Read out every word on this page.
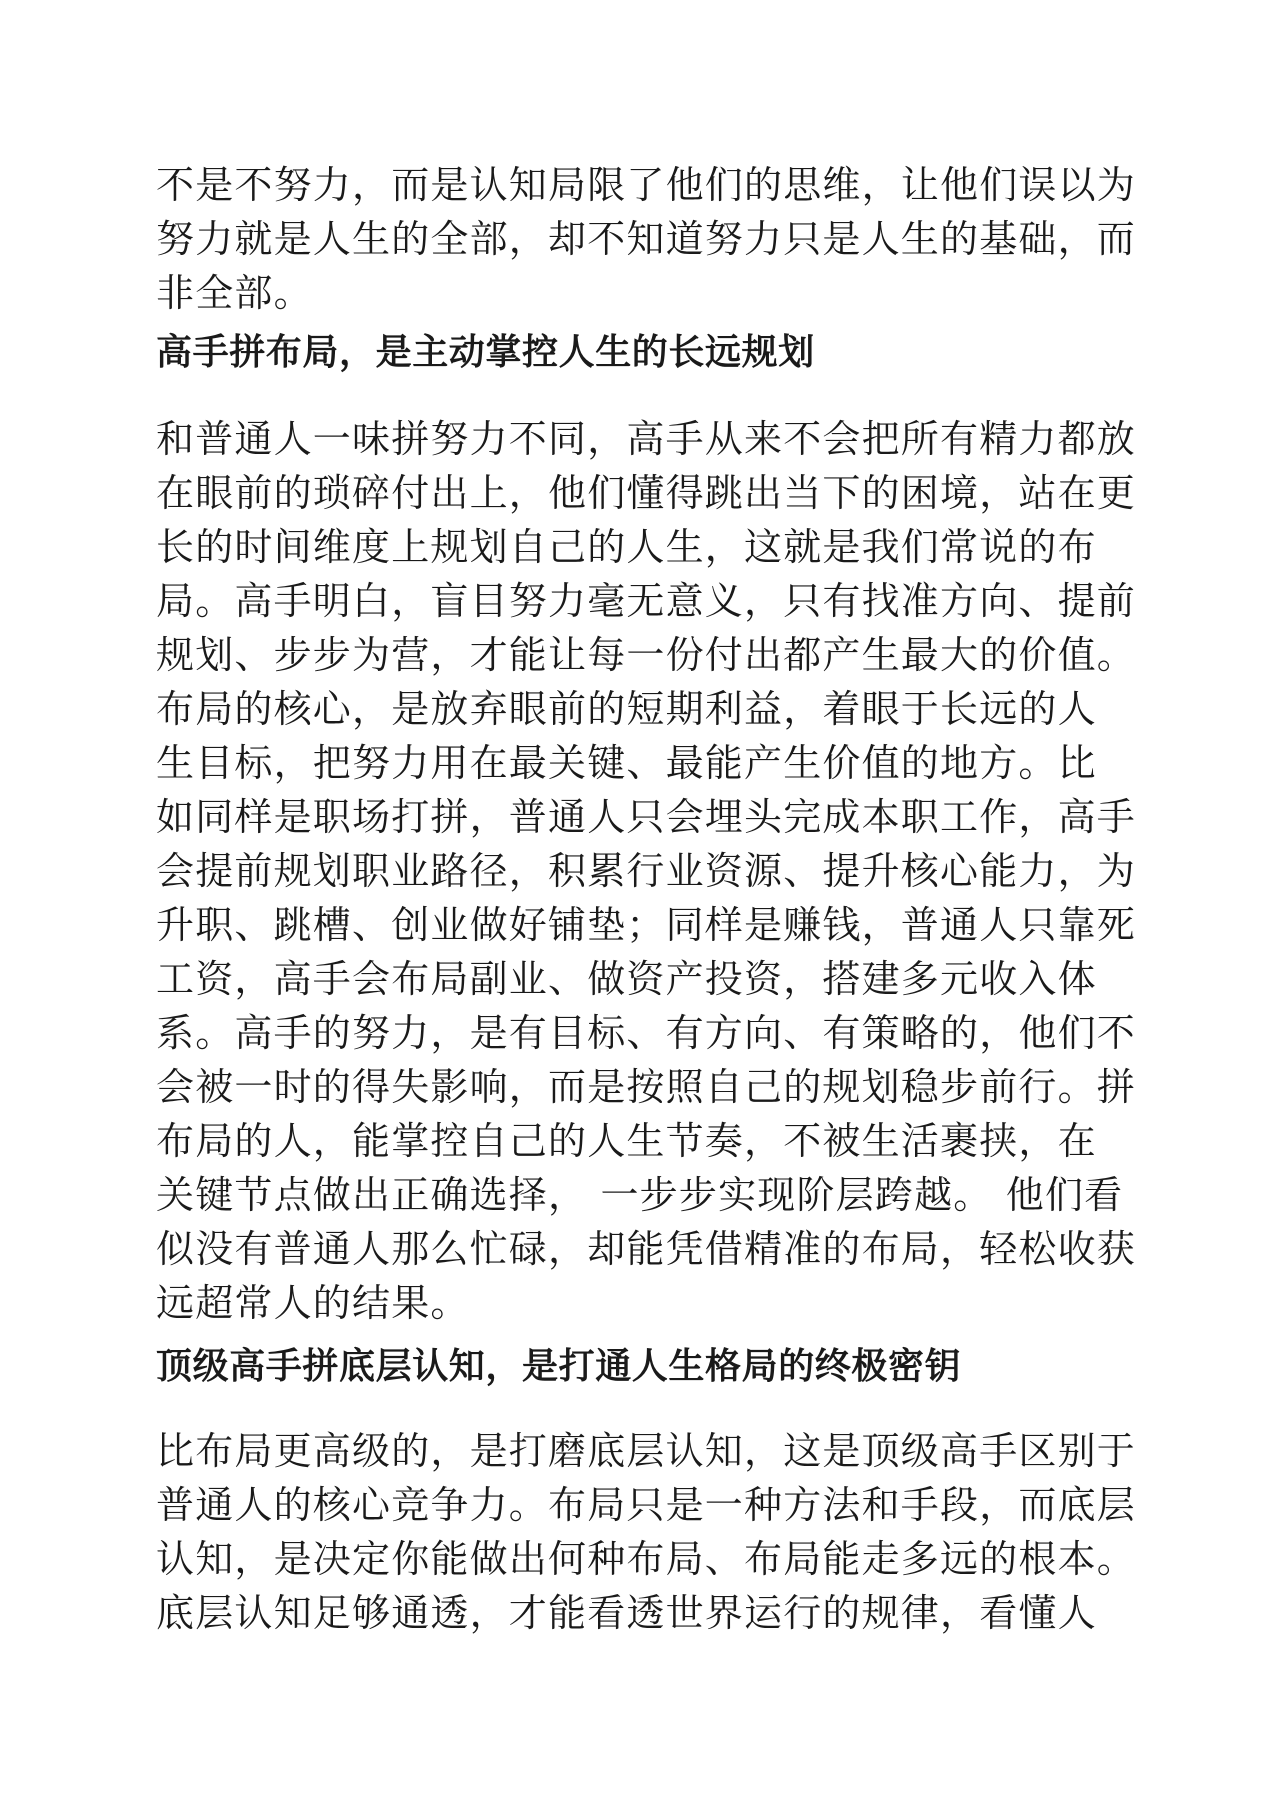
不是不努力，而是认知局限了他们的思维，让他们误以为
努力就是人生的全部，却不知道努力只是人生的基础，而
非全部。
高手拼布局，是主动掌控人生的长远规划
和普通人一味拼努力不同，高手从来不会把所有精力都放
在眼前的琐碎付出上，他们懂得跳出当下的困境，站在更
长的时间维度上规划自己的人生，这就是我们常说的布
局。高手明白，盲目努力毫无意义，只有找准方向、提前
规划、步步为营，才能让每一份付出都产生最大的价值。
布局的核心，是放弃眼前的短期利益，着眼于长远的人
生目标，把努力用在最关键、最能产生价值的地方。比
如同样是职场打拼，普通人只会埋头完成本职工作，高手
会提前规划职业路径，积累行业资源、提升核心能力，为
升职、跳槽、创业做好铺垫；同样是赚钱，普通人只靠死
工资，高手会布局副业、做资产投资，搭建多元收入体
系。高手的努力，是有目标、有方向、有策略的，他们不
会被一时的得失影响，而是按照自己的规划稳步前行。拼
布局的人，能掌控自己的人生节奏，不被生活裹挟，在
关键节点做出正确选择， 一步步实现阶层跨越。 他们看
似没有普通人那么忙碌，却能凭借精准的布局，轻松收获
远超常人的结果。
顶级高手拼底层认知，是打通人生格局的终极密钥
比布局更高级的，是打磨底层认知，这是顶级高手区别于
普通人的核心竞争力。布局只是一种方法和手段，而底层
认知，是决定你能做出何种布局、布局能走多远的根本。
底层认知足够通透，才能看透世界运行的规律，看懂人
